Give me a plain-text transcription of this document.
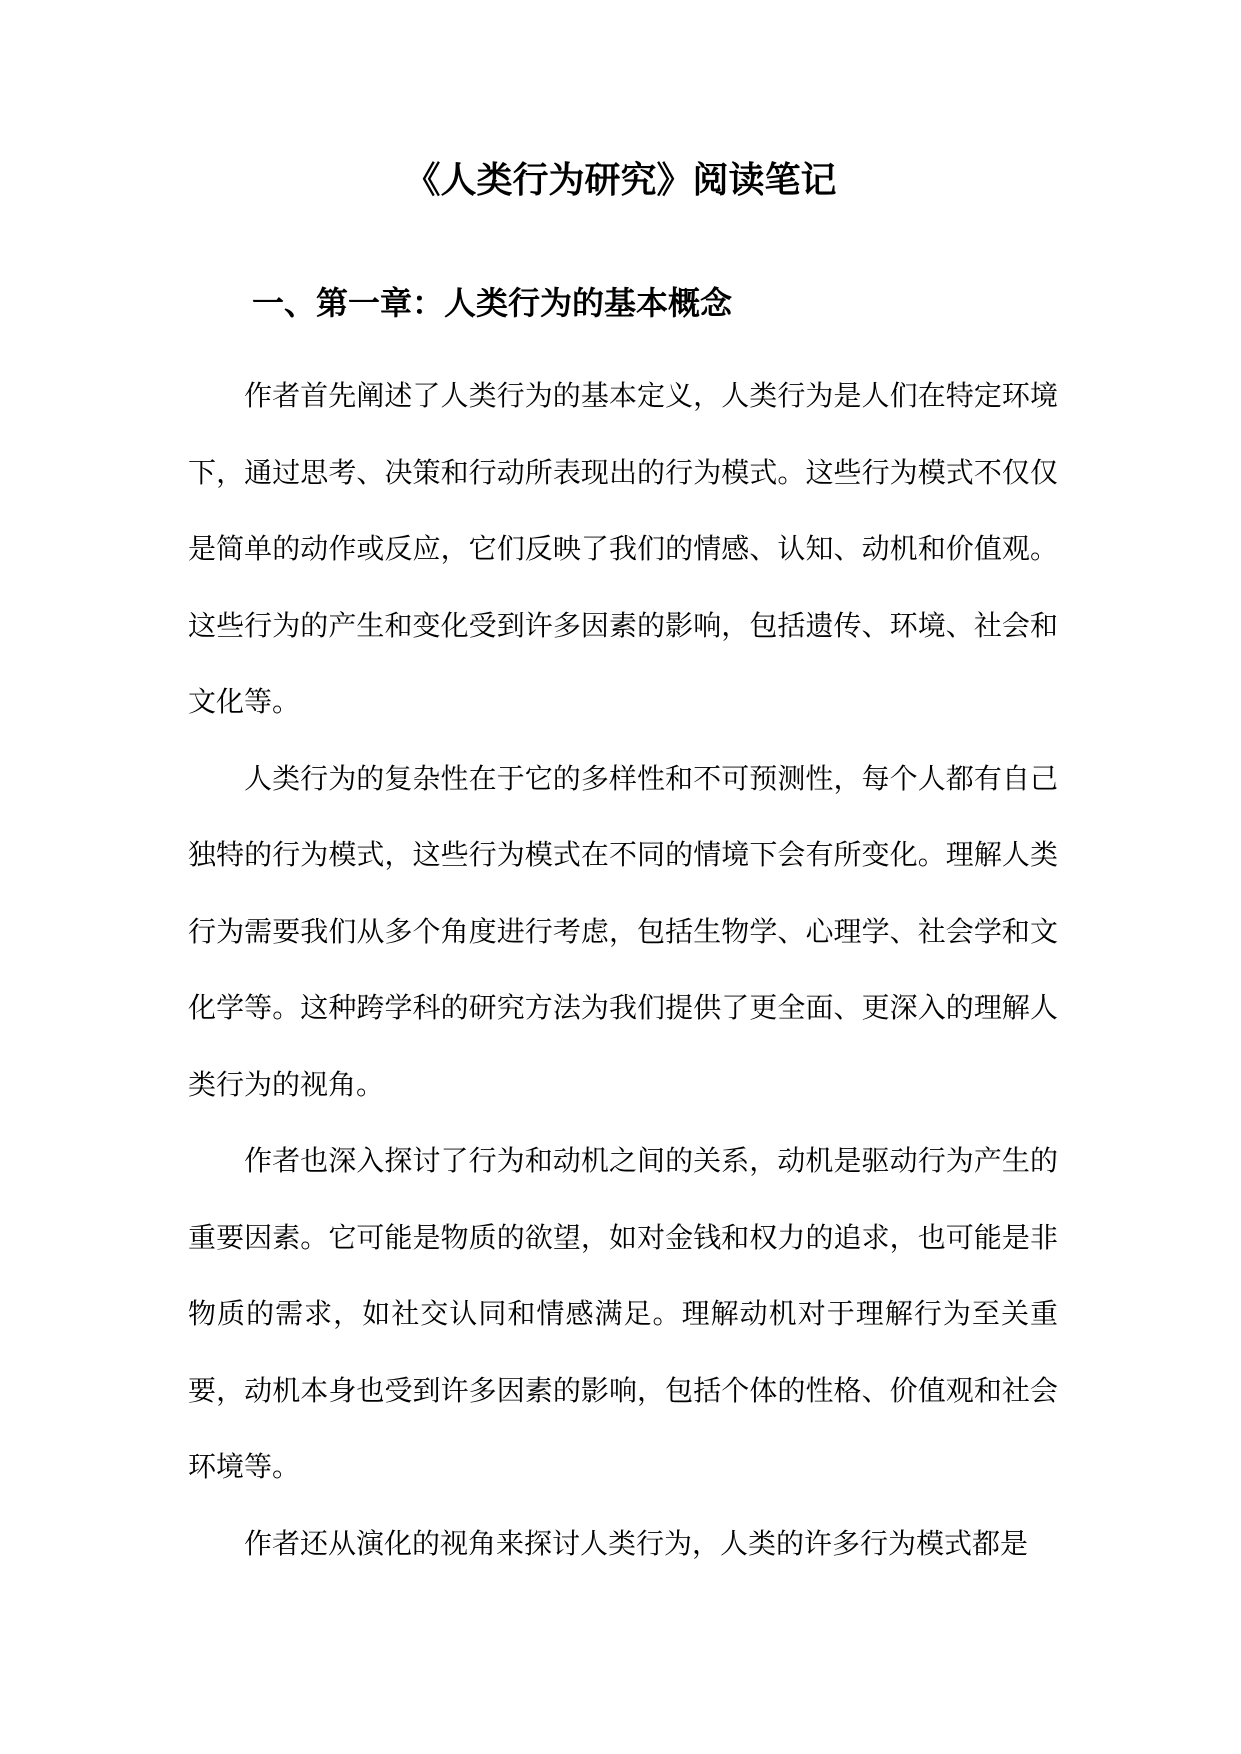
《人类行为研究》阅读笔记
一、第一章：人类行为的基本概念

作者首先阐述了人类行为的基本定义，人类行为是人们在特定环境下，通过思考、决策和行动所表现出的行为模式。这些行为模式不仅仅是简单的动作或反应，它们反映了我们的情感、认知、动机和价值观。这些行为的产生和变化受到许多因素的影响，包括遗传、环境、社会和文化等。

人类行为的复杂性在于它的多样性和不可预测性，每个人都有自己独特的行为模式，这些行为模式在不同的情境下会有所变化。理解人类行为需要我们从多个角度进行考虑，包括生物学、心理学、社会学和文化学等。这种跨学科的研究方法为我们提供了更全面、更深入的理解人类行为的视角。

作者也深入探讨了行为和动机之间的关系，动机是驱动行为产生的重要因素。它可能是物质的欲望，如对金钱和权力的追求，也可能是非物质的需求，如社交认同和情感满足。理解动机对于理解行为至关重要，动机本身也受到许多因素的影响，包括个体的性格、价值观和社会环境等。

作者还从演化的视角来探讨人类行为，人类的许多行为模式都是
